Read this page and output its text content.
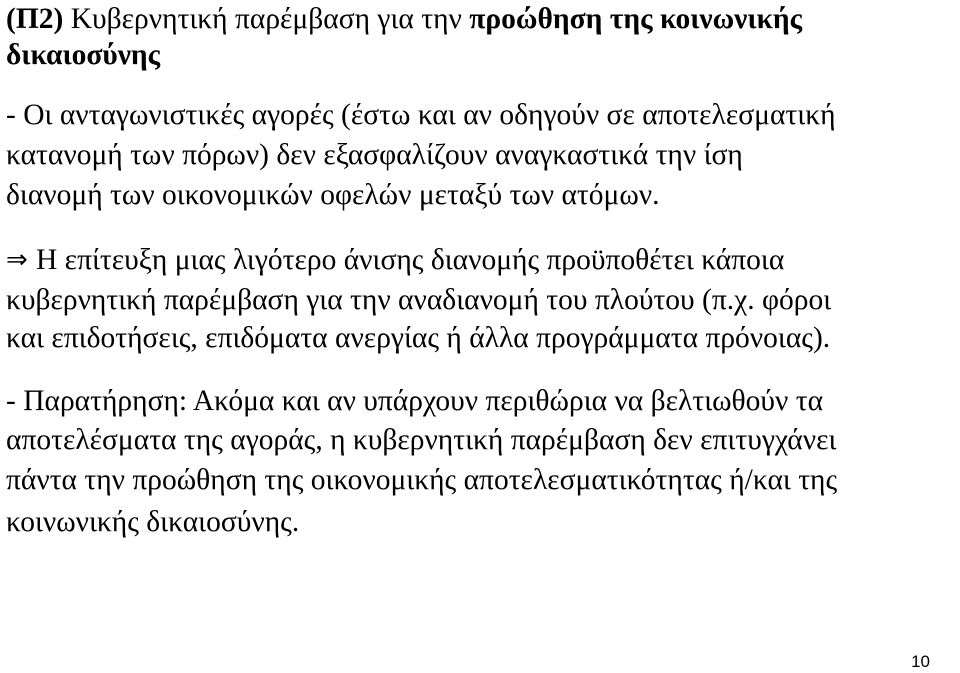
(Π2) Κυβερνητική παρέμβαση για την προώθηση της κοινωνικής
δικαιοσύνης
- Οι ανταγωνιστικές αγορές (έστω και αν οδηγούν σε αποτελεσματική
κατανομή των πόρων) δεν εξασφαλίζουν αναγκαστικά την ίση
διανομή των οικονομικών οφελών μεταξύ των ατόμων.
⇒ Η επίτευξη μιας λιγότερο άνισης διανομής προϋποθέτει κάποια
κυβερνητική παρέμβαση για την αναδιανομή του πλούτου (π.χ. φόροι
και επιδοτήσεις, επιδόματα ανεργίας ή άλλα προγράμματα πρόνοιας).
- Παρατήρηση: Ακόμα και αν υπάρχουν περιθώρια να βελτιωθούν τα
αποτελέσματα της αγοράς, η κυβερνητική παρέμβαση δεν επιτυγχάνει
πάντα την προώθηση της οικονομικής αποτελεσματικότητας ή/και της
κοινωνικής δικαιοσύνης.
10
